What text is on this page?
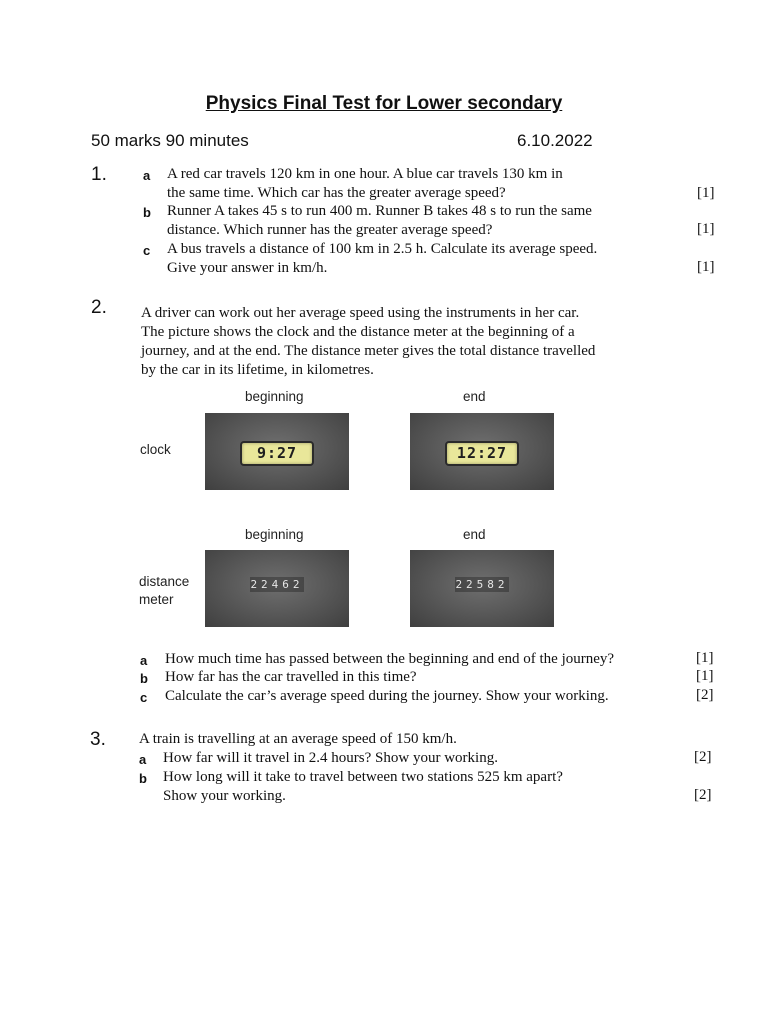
Physics Final Test for Lower secondary
50 marks 90 minutes	6.10.2022
1.	a A red car travels 120 km in one hour. A blue car travels 130 km in
the same time. Which car has the greater average speed?	[1]
b Runner A takes 45 s to run 400 m. Runner B takes 48 s to run the same
distance. Which runner has the greater average speed?	[1]
c A bus travels a distance of 100 km in 2.5 h. Calculate its average speed.
Give your answer in km/h.	[1]
2. A driver can work out her average speed using the instruments in her car.
The picture shows the clock and the distance meter at the beginning of a
journey, and at the end. The distance meter gives the total distance travelled
by the car in its lifetime, in kilometres.
beginning	end
clock	9:27	12:27
beginning	end
distance
meter
22462	22582
a How much time has passed between the beginning and end of the journey?	[1]
b How far has the car travelled in this time?	[1]
c Calculate the car’s average speed during the journey. Show your working.	[2]
3. A train is travelling at an average speed of 150 km/h.
a How far will it travel in 2.4 hours? Show your working.	[2]
b How long will it take to travel between two stations 525 km apart?
Show your working.	[2]
